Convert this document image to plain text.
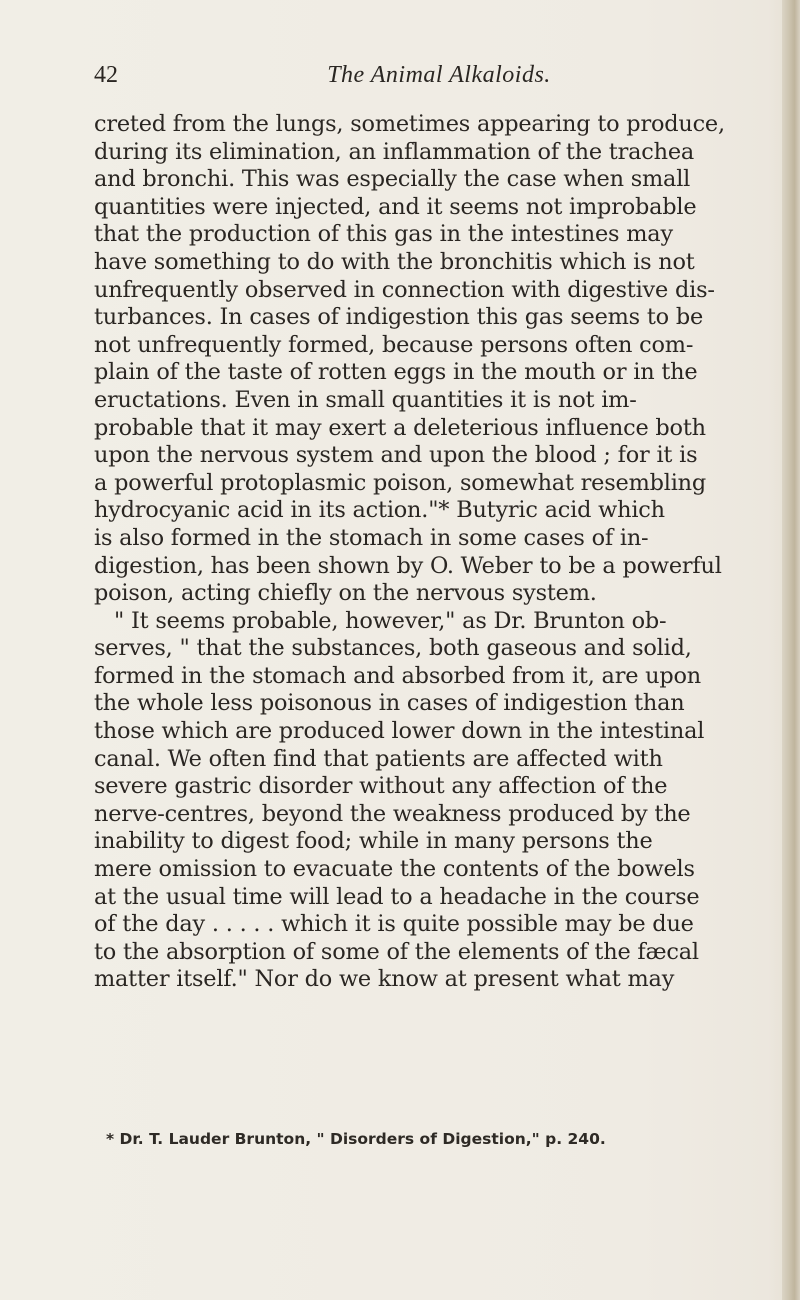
42	The Animal Alkaloids.
creted from the lungs, sometimes appearing to produce,
during its elimination, an inflammation of the trachea
and bronchi. This was especially the case when small
quantities were injected, and it seems not improbable
that the production of this gas in the intestines may
have something to do with the bronchitis which is not
unfrequently observed in connection with digestive dis-
turbances. In cases of indigestion this gas seems to be
not unfrequently formed, because persons often com-
plain of the taste of rotten eggs in the mouth or in the
eructations. Even in small quantities it is not im-
probable that it may exert a deleterious influence both
upon the nervous system and upon the blood ; for it is
a powerful protoplasmic poison, somewhat resembling
hydrocyanic acid in its action."* Butyric acid which
is also formed in the stomach in some cases of in-
digestion, has been shown by O. Weber to be a powerful
poison, acting chiefly on the nervous system.
" It seems probable, however," as Dr. Brunton ob-
serves, " that the substances, both gaseous and solid,
formed in the stomach and absorbed from it, are upon
the whole less poisonous in cases of indigestion than
those which are produced lower down in the intestinal
canal. We often find that patients are affected with
severe gastric disorder without any affection of the
nerve-centres, beyond the weakness produced by the
inability to digest food; while in many persons the
mere omission to evacuate the contents of the bowels
at the usual time will lead to a headache in the course
of the day . . . . . which it is quite possible may be due
to the absorption of some of the elements of the fæcal
matter itself." Nor do we know at present what may
* Dr. T. Lauder Brunton, " Disorders of Digestion," p. 240.
